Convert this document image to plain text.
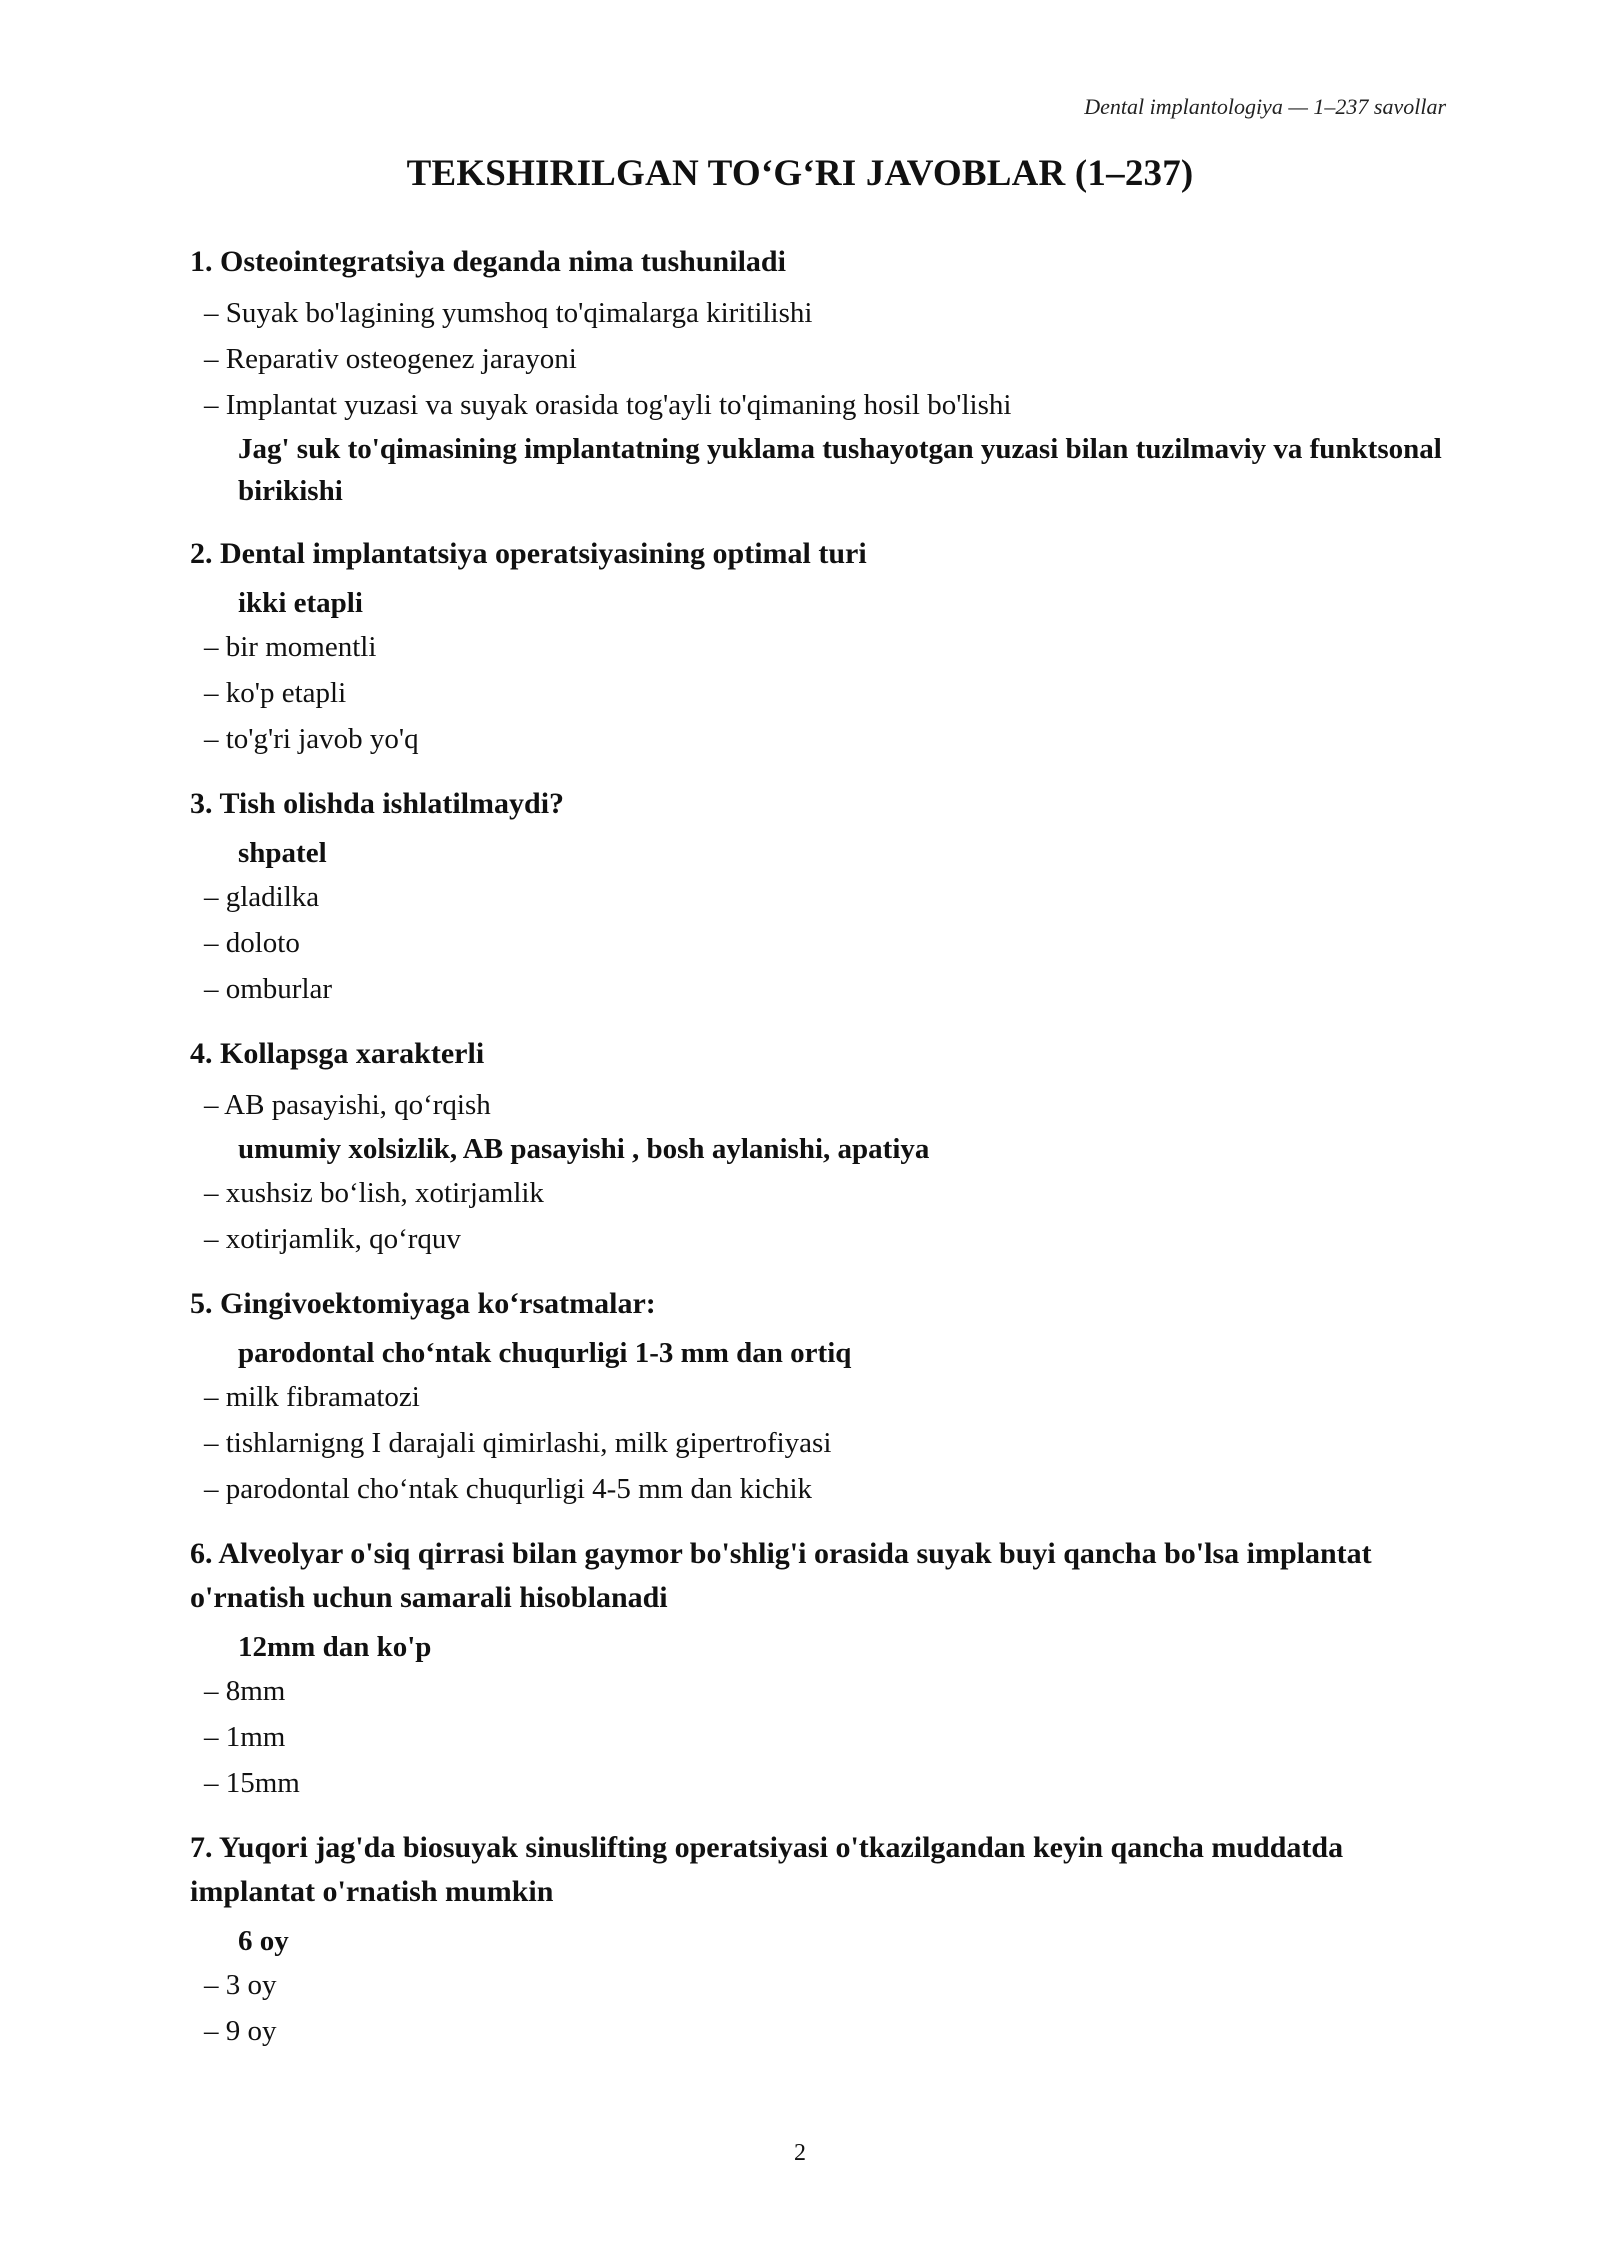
Dental implantologiya — 1–237 savollar
TEKSHIRILGAN TO‘G‘RI JAVOBLAR (1–237)
1. Osteointegratsiya deganda nima tushuniladi
– Suyak bo'lagining yumshoq to'qimalarga kiritilishi
– Reparativ osteogenez jarayoni
– Implantat yuzasi va suyak orasida tog'ayli to'qimaning hosil bo'lishi
Jag' suk to'qimasining implantatning yuklama tushayotgan yuzasi bilan tuzilmaviy va funktsonal birikishi
2. Dental implantatsiya operatsiyasining optimal turi
ikki etapli
– bir momentli
– ko'p etapli
– to'g'ri javob yo'q
3. Tish olishda ishlatilmaydi?
shpatel
– gladilka
– doloto
– omburlar
4. Kollapsga xarakterli
– AB pasayishi, qo‘rqish
umumiy xolsizlik, AB pasayishi , bosh aylanishi, apatiya
– xushsiz bo‘lish, xotirjamlik
– xotirjamlik, qo‘rquv
5. Gingivoektomiyaga ko‘rsatmalar:
parodontal cho‘ntak chuqurligi 1-3 mm dan ortiq
– milk fibramatozi
– tishlarnigng I darajali qimirlashi, milk gipertrofiyasi
– parodontal cho‘ntak chuqurligi 4-5 mm dan kichik
6. Alveolyar o'siq qirrasi bilan gaymor bo'shlig'i orasida suyak buyi qancha bo'lsa implantat o'rnatish uchun samarali hisoblanadi
12mm dan ko'p
– 8mm
– 1mm
– 15mm
7. Yuqori jag'da biosuyak sinuslifting operatsiyasi o'tkazilgandan keyin qancha muddatda implantat o'rnatish mumkin
6 oy
– 3 oy
– 9 oy
2
